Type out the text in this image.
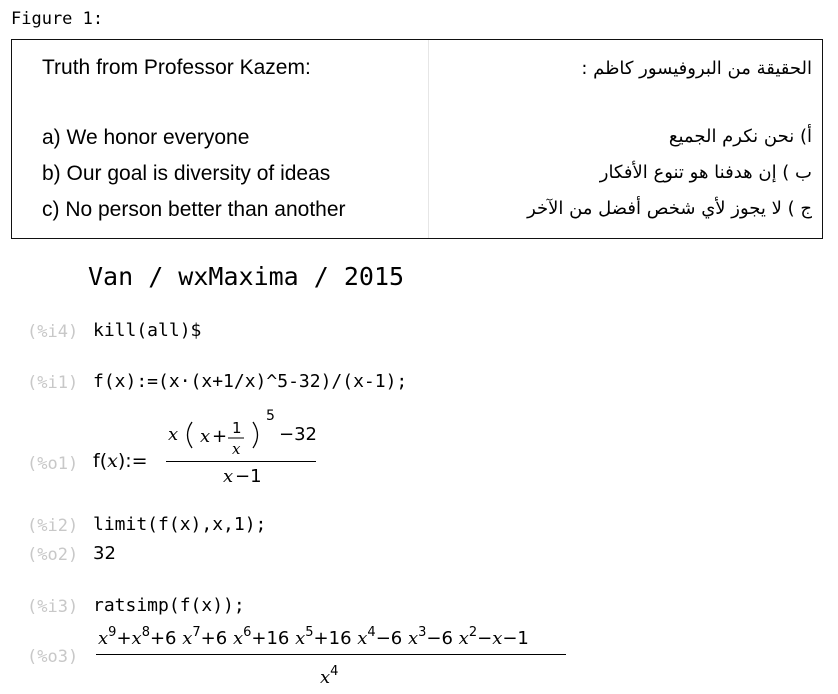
Figure 1:
Truth from Professor Kazem:
a) We honor everyone
b) Our goal is diversity of ideas
c) No person better than another
الحقيقة من البروفيسور كاظم :
أ) نحن نكرم الجميع
ب ) إن هدفنا هو تنوع الأفكار
ج ) لا يجوز لأي شخص أفضل من الآخر
Van / wxMaxima / 2015
(%i4) kill(all)$
(%i1) f(x):=(x·(x+1/x)^5-32)/(x-1);
(%o1) f(x):=
x x + 1
x
5
−32
x −1
(%i2) limit(f(x),x,1);
(%o2) 32
(%i3) ratsimp(f(x));
(%o3)
$x^9+x^8+6$ $x^7+6$ $x^6+16$ $x^5+16$ $x^4-6$ $x^3-6$ $x^2-x-1$
$x^4$
